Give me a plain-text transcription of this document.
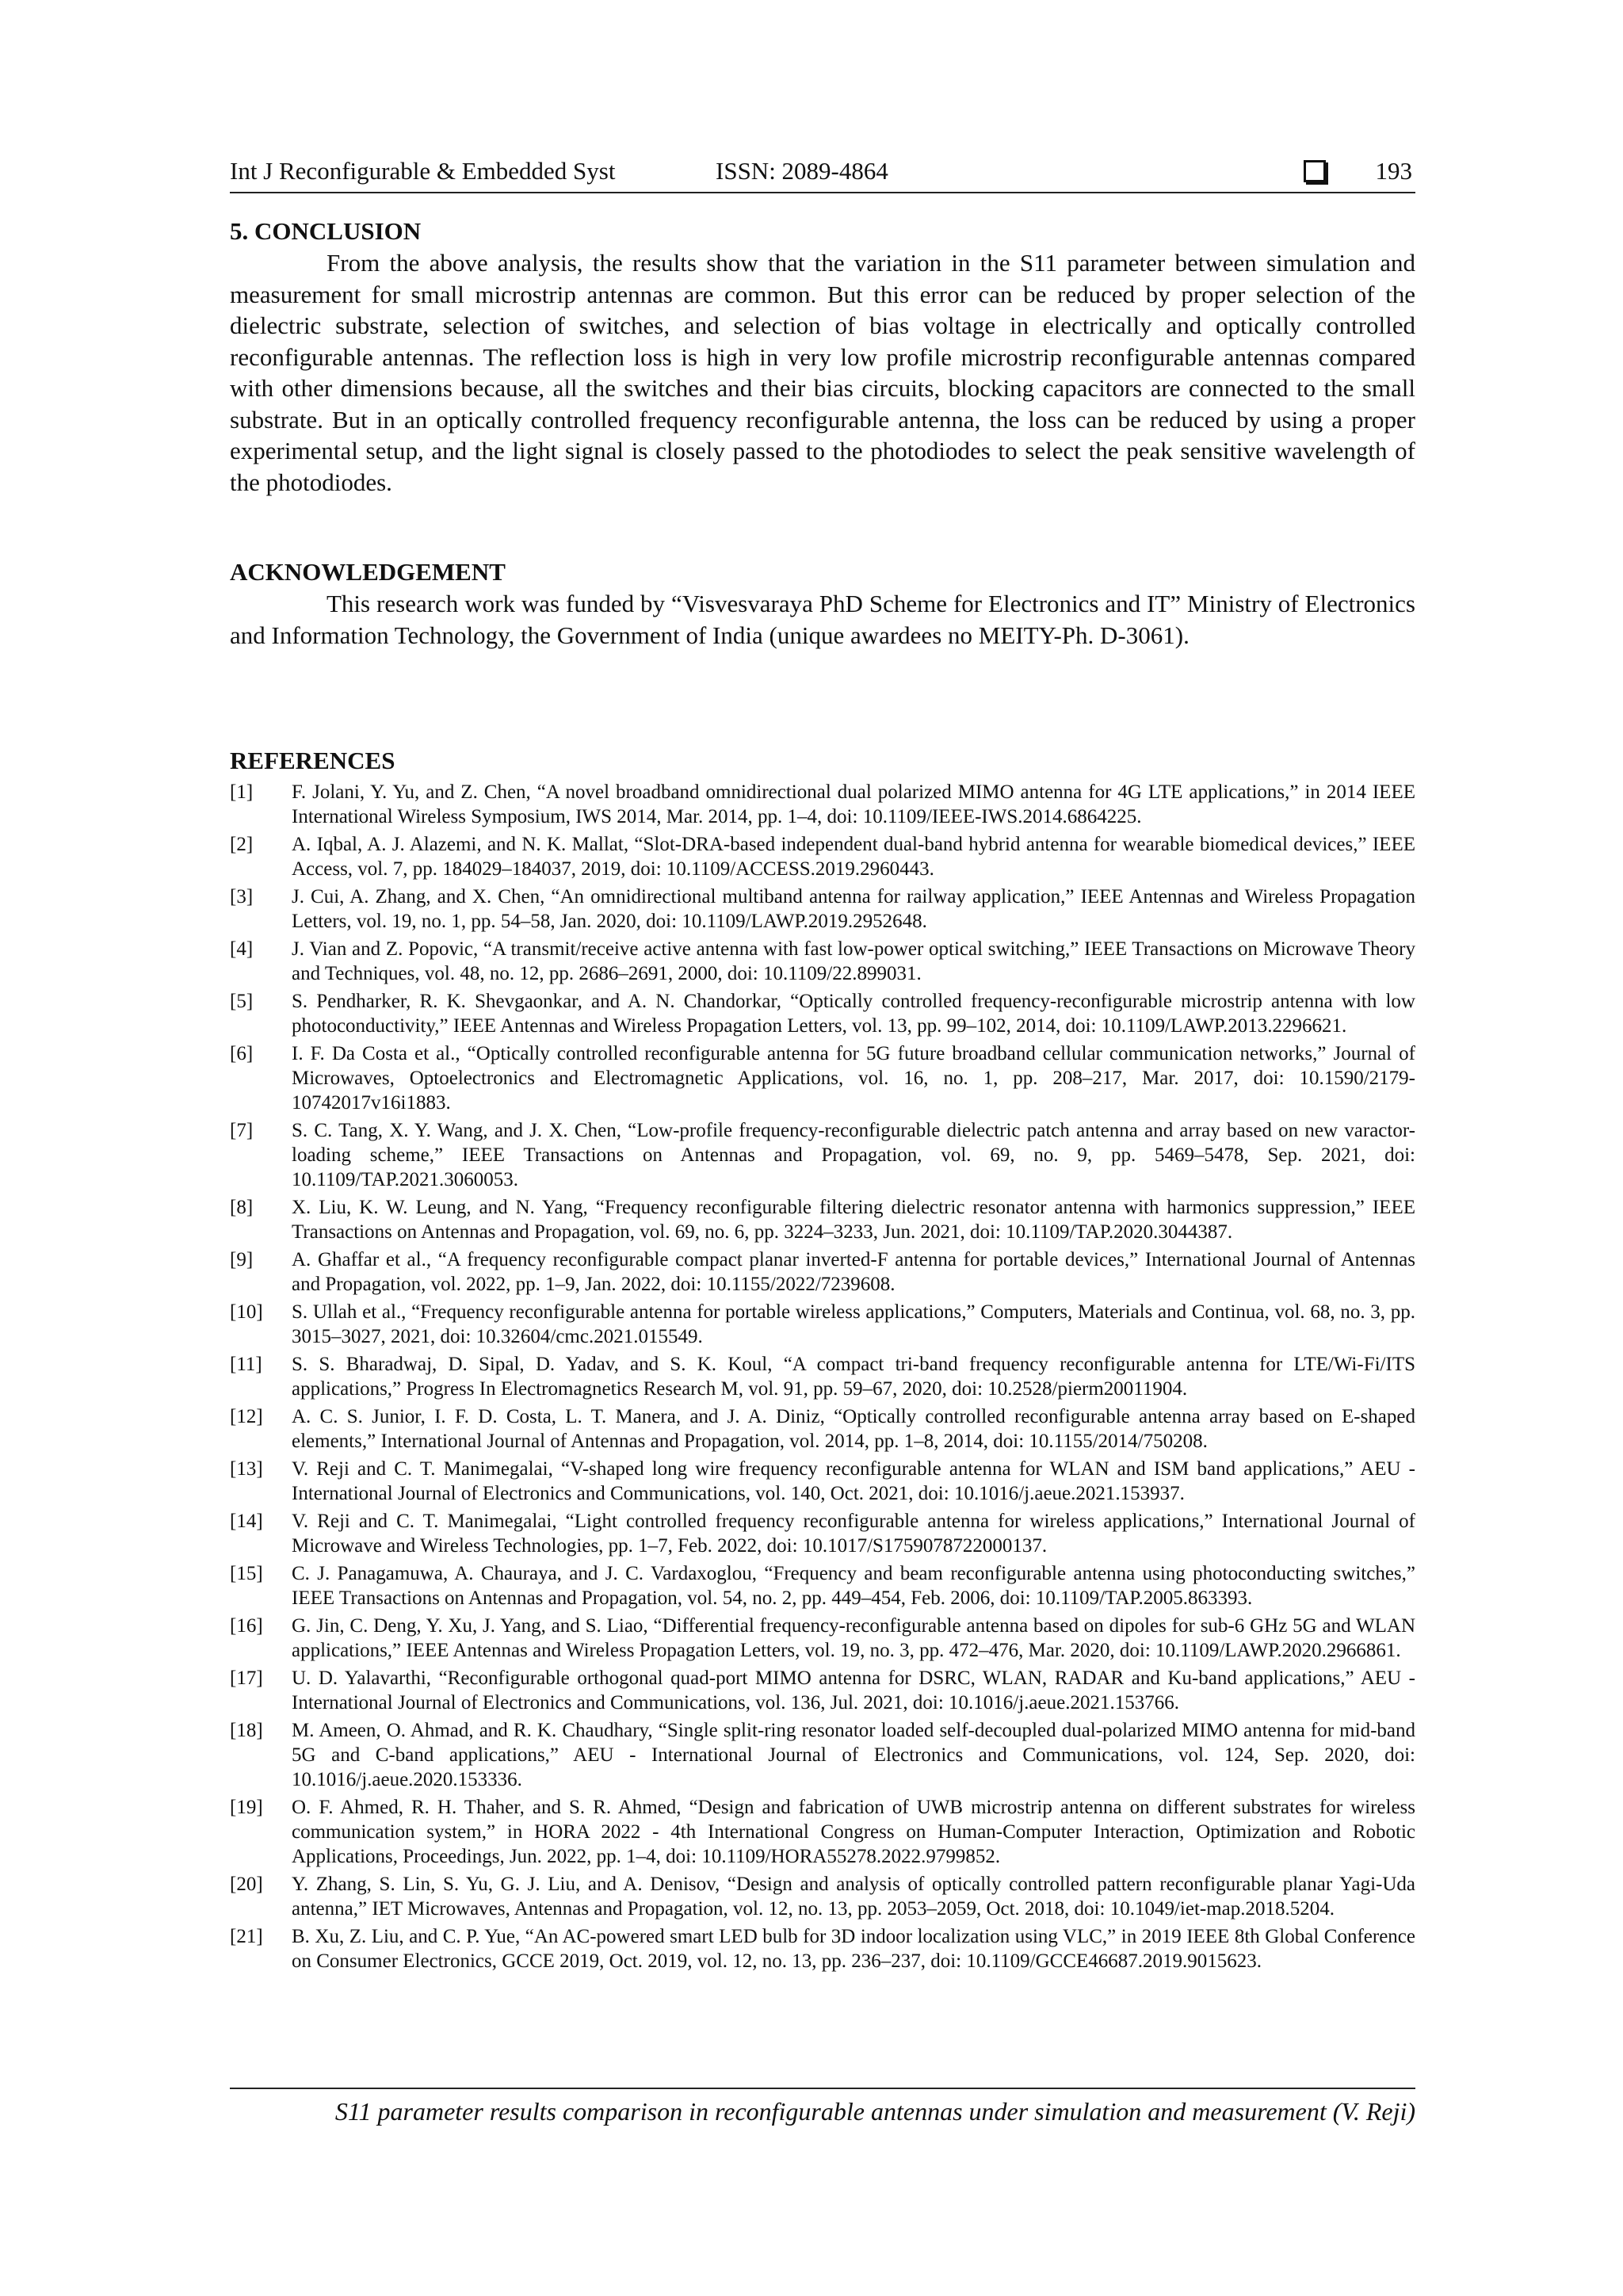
Int J Reconfigurable & Embedded Syst	ISSN: 2089-4864	193
5. CONCLUSION

From the above analysis, the results show that the variation in the S11 parameter between simulation and measurement for small microstrip antennas are common. But this error can be reduced by proper selection of the dielectric substrate, selection of switches, and selection of bias voltage in electrically and optically controlled reconfigurable antennas. The reflection loss is high in very low profile microstrip reconfigurable antennas compared with other dimensions because, all the switches and their bias circuits, blocking capacitors are connected to the small substrate. But in an optically controlled frequency reconfigurable antenna, the loss can be reduced by using a proper experimental setup, and the light signal is closely passed to the photodiodes to select the peak sensitive wavelength of the photodiodes.

ACKNOWLEDGEMENT

This research work was funded by “Visvesvaraya PhD Scheme for Electronics and IT” Ministry of Electronics and Information Technology, the Government of India (unique awardees no MEITY-Ph. D-3061).

REFERENCES
[1]	F. Jolani, Y. Yu, and Z. Chen, “A novel broadband omnidirectional dual polarized MIMO antenna for 4G LTE applications,” in 2014 IEEE International Wireless Symposium, IWS 2014, Mar. 2014, pp. 1–4, doi: 10.1109/IEEE-IWS.2014.6864225.
[2]	A. Iqbal, A. J. Alazemi, and N. K. Mallat, “Slot-DRA-based independent dual-band hybrid antenna for wearable biomedical devices,” IEEE Access, vol. 7, pp. 184029–184037, 2019, doi: 10.1109/ACCESS.2019.2960443.
[3]	J. Cui, A. Zhang, and X. Chen, “An omnidirectional multiband antenna for railway application,” IEEE Antennas and Wireless Propagation Letters, vol. 19, no. 1, pp. 54–58, Jan. 2020, doi: 10.1109/LAWP.2019.2952648.
[4]	J. Vian and Z. Popovic, “A transmit/receive active antenna with fast low-power optical switching,” IEEE Transactions on Microwave Theory and Techniques, vol. 48, no. 12, pp. 2686–2691, 2000, doi: 10.1109/22.899031.
[5]	S. Pendharker, R. K. Shevgaonkar, and A. N. Chandorkar, “Optically controlled frequency-reconfigurable microstrip antenna with low photoconductivity,” IEEE Antennas and Wireless Propagation Letters, vol. 13, pp. 99–102, 2014, doi: 10.1109/LAWP.2013.2296621.
[6]	I. F. Da Costa et al., “Optically controlled reconfigurable antenna for 5G future broadband cellular communication networks,” Journal of Microwaves, Optoelectronics and Electromagnetic Applications, vol. 16, no. 1, pp. 208–217, Mar. 2017, doi: 10.1590/2179-10742017v16i1883.
[7]	S. C. Tang, X. Y. Wang, and J. X. Chen, “Low-profile frequency-reconfigurable dielectric patch antenna and array based on new varactor-loading scheme,” IEEE Transactions on Antennas and Propagation, vol. 69, no. 9, pp. 5469–5478, Sep. 2021, doi: 10.1109/TAP.2021.3060053.
[8]	X. Liu, K. W. Leung, and N. Yang, “Frequency reconfigurable filtering dielectric resonator antenna with harmonics suppression,” IEEE Transactions on Antennas and Propagation, vol. 69, no. 6, pp. 3224–3233, Jun. 2021, doi: 10.1109/TAP.2020.3044387.
[9]	A. Ghaffar et al., “A frequency reconfigurable compact planar inverted-F antenna for portable devices,” International Journal of Antennas and Propagation, vol. 2022, pp. 1–9, Jan. 2022, doi: 10.1155/2022/7239608.
[10]	S. Ullah et al., “Frequency reconfigurable antenna for portable wireless applications,” Computers, Materials and Continua, vol. 68, no. 3, pp. 3015–3027, 2021, doi: 10.32604/cmc.2021.015549.
[11]	S. S. Bharadwaj, D. Sipal, D. Yadav, and S. K. Koul, “A compact tri-band frequency reconfigurable antenna for LTE/Wi-Fi/ITS applications,” Progress In Electromagnetics Research M, vol. 91, pp. 59–67, 2020, doi: 10.2528/pierm20011904.
[12]	A. C. S. Junior, I. F. D. Costa, L. T. Manera, and J. A. Diniz, “Optically controlled reconfigurable antenna array based on E-shaped elements,” International Journal of Antennas and Propagation, vol. 2014, pp. 1–8, 2014, doi: 10.1155/2014/750208.
[13]	V. Reji and C. T. Manimegalai, “V-shaped long wire frequency reconfigurable antenna for WLAN and ISM band applications,” AEU - International Journal of Electronics and Communications, vol. 140, Oct. 2021, doi: 10.1016/j.aeue.2021.153937.
[14]	V. Reji and C. T. Manimegalai, “Light controlled frequency reconfigurable antenna for wireless applications,” International Journal of Microwave and Wireless Technologies, pp. 1–7, Feb. 2022, doi: 10.1017/S1759078722000137.
[15]	C. J. Panagamuwa, A. Chauraya, and J. C. Vardaxoglou, “Frequency and beam reconfigurable antenna using photoconducting switches,” IEEE Transactions on Antennas and Propagation, vol. 54, no. 2, pp. 449–454, Feb. 2006, doi: 10.1109/TAP.2005.863393.
[16]	G. Jin, C. Deng, Y. Xu, J. Yang, and S. Liao, “Differential frequency-reconfigurable antenna based on dipoles for sub-6 GHz 5G and WLAN applications,” IEEE Antennas and Wireless Propagation Letters, vol. 19, no. 3, pp. 472–476, Mar. 2020, doi: 10.1109/LAWP.2020.2966861.
[17]	U. D. Yalavarthi, “Reconfigurable orthogonal quad-port MIMO antenna for DSRC, WLAN, RADAR and Ku-band applications,” AEU - International Journal of Electronics and Communications, vol. 136, Jul. 2021, doi: 10.1016/j.aeue.2021.153766.
[18]	M. Ameen, O. Ahmad, and R. K. Chaudhary, “Single split-ring resonator loaded self-decoupled dual-polarized MIMO antenna for mid-band 5G and C-band applications,” AEU - International Journal of Electronics and Communications, vol. 124, Sep. 2020, doi: 10.1016/j.aeue.2020.153336.
[19]	O. F. Ahmed, R. H. Thaher, and S. R. Ahmed, “Design and fabrication of UWB microstrip antenna on different substrates for wireless communication system,” in HORA 2022 - 4th International Congress on Human-Computer Interaction, Optimization and Robotic Applications, Proceedings, Jun. 2022, pp. 1–4, doi: 10.1109/HORA55278.2022.9799852.
[20]	Y. Zhang, S. Lin, S. Yu, G. J. Liu, and A. Denisov, “Design and analysis of optically controlled pattern reconfigurable planar Yagi-Uda antenna,” IET Microwaves, Antennas and Propagation, vol. 12, no. 13, pp. 2053–2059, Oct. 2018, doi: 10.1049/iet-map.2018.5204.
[21]	B. Xu, Z. Liu, and C. P. Yue, “An AC-powered smart LED bulb for 3D indoor localization using VLC,” in 2019 IEEE 8th Global Conference on Consumer Electronics, GCCE 2019, Oct. 2019, vol. 12, no. 13, pp. 236–237, doi: 10.1109/GCCE46687.2019.9015623.
S11 parameter results comparison in reconfigurable antennas under simulation and measurement (V. Reji)
